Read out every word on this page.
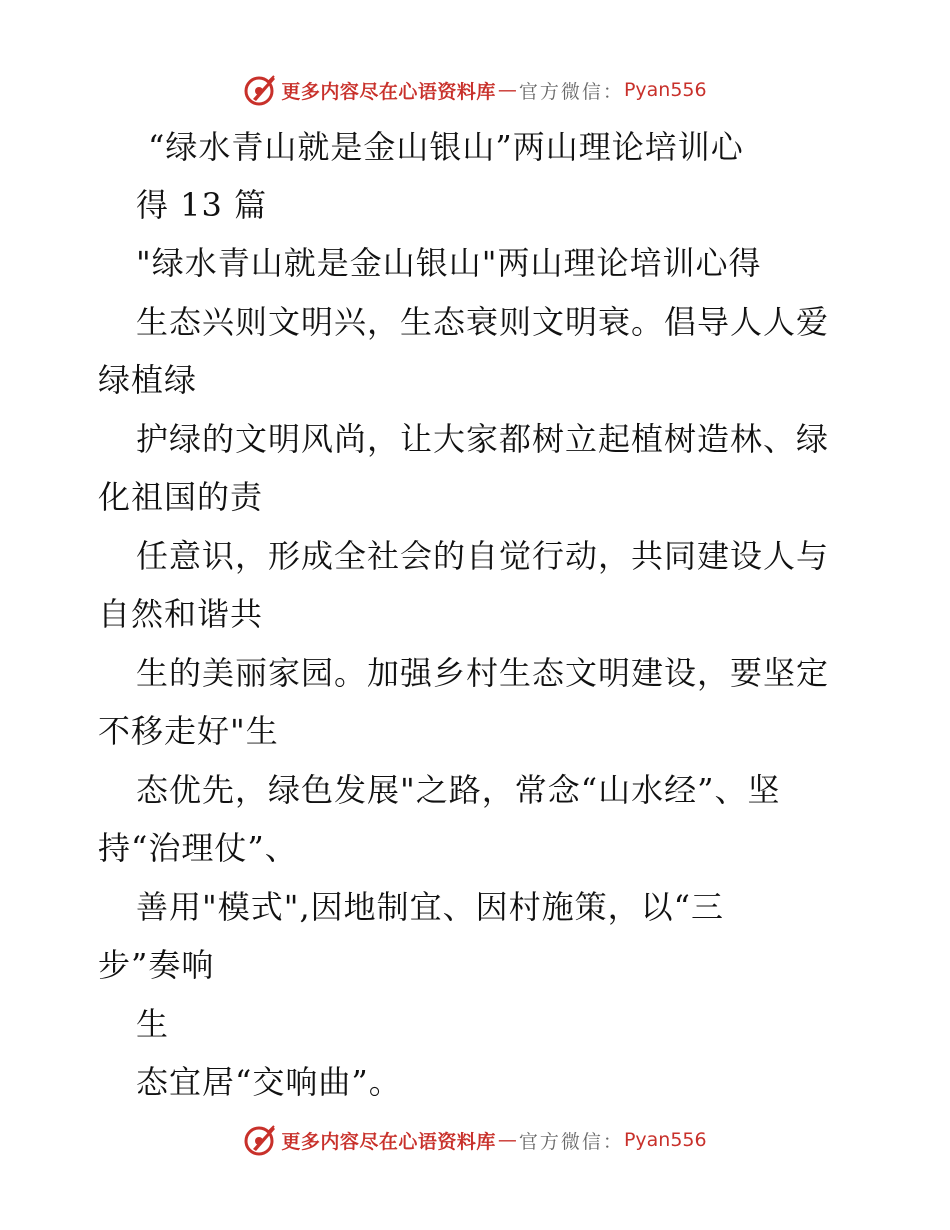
更多内容尽在心语资料库 — 官方微信： Pyan556
“绿水青山就是金山银山”两山理论培训心
得 13 篇
"绿水青山就是金山银山"两山理论培训心得
生态兴则文明兴，生态衰则文明衰。倡导人人爱
绿植绿
护绿的文明风尚，让大家都树立起植树造林、绿
化祖国的责
任意识，形成全社会的自觉行动，共同建设人与
自然和谐共
生的美丽家园。加强乡村生态文明建设，要坚定
不移走好"生
态优先，绿色发展"之路，常念“山水经”、坚
持“治理仗”、
善用"模式",因地制宜、因村施策，以“三
步”奏响
生
态宜居“交响曲”。
更多内容尽在心语资料库 — 官方微信： Pyan556
